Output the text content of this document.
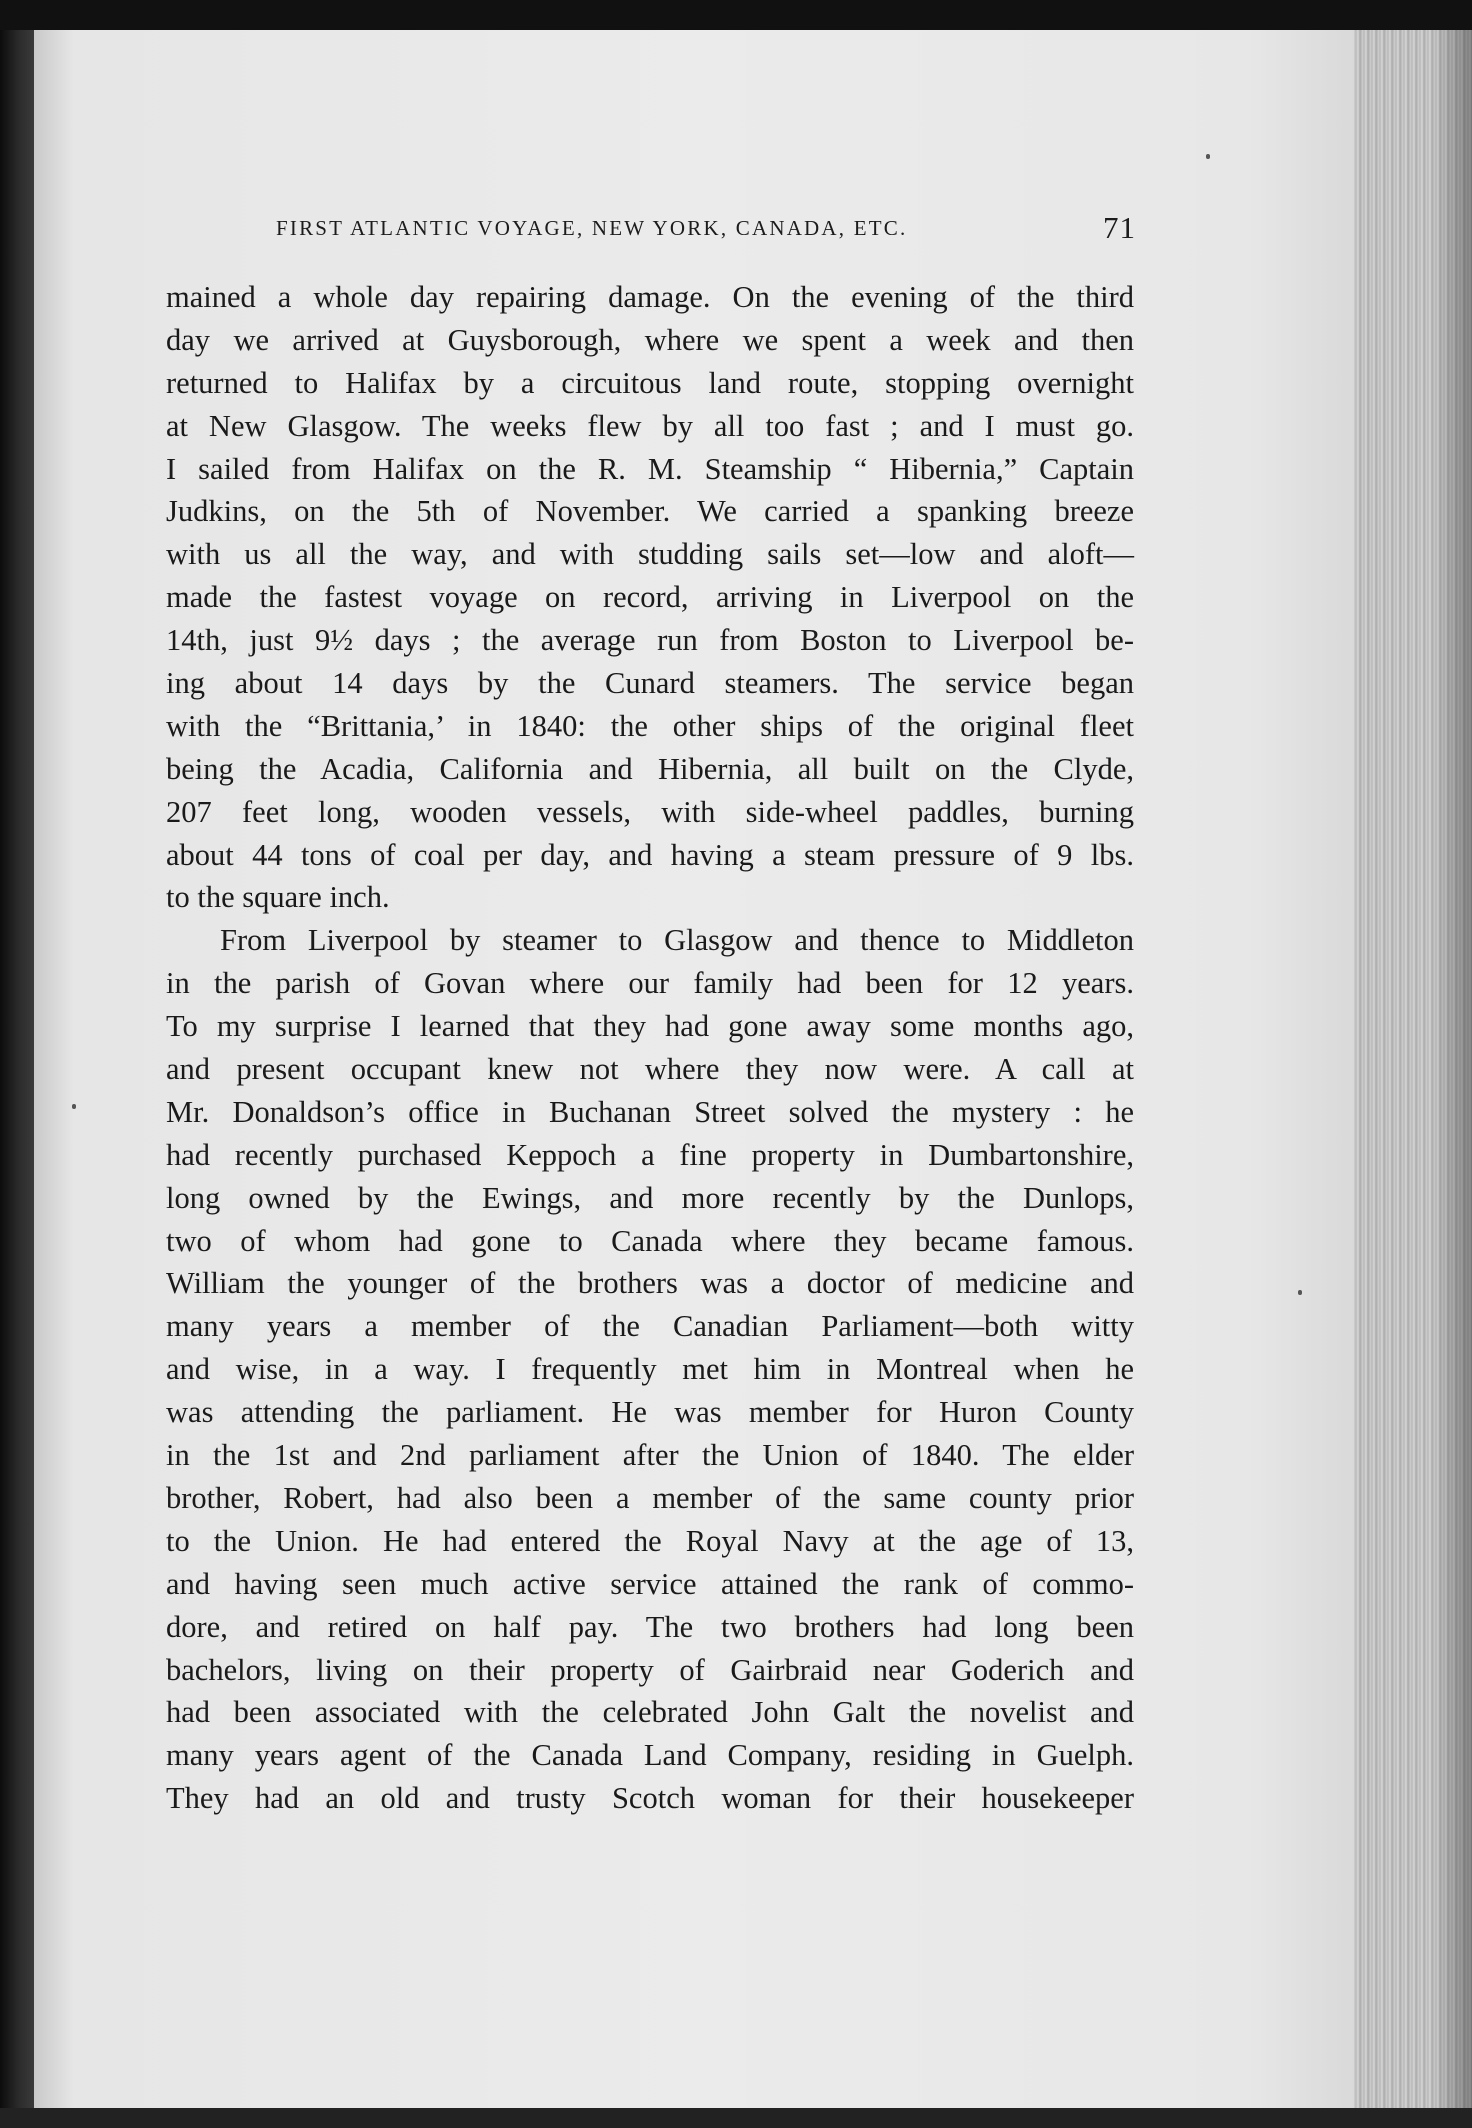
FIRST ATLANTIC VOYAGE, NEW YORK, CANADA, ETC.	71
mained a whole day repairing damage. On the evening of the third
day we arrived at Guysborough, where we spent a week and then
returned to Halifax by a circuitous land route, stopping overnight
at New Glasgow. The weeks flew by all too fast ; and I must go.
I sailed from Halifax on the R. M. Steamship “ Hibernia,” Captain
Judkins, on the 5th of November. We carried a spanking breeze
with us all the way, and with studding sails set—low and aloft—
made the fastest voyage on record, arriving in Liverpool on the
14th, just 9½ days ; the average run from Boston to Liverpool be-
ing about 14 days by the Cunard steamers. The service began
with the “Brittania,’ in 1840: the other ships of the original fleet
being the Acadia, California and Hibernia, all built on the Clyde,
207 feet long, wooden vessels, with side-wheel paddles, burning
about 44 tons of coal per day, and having a steam pressure of 9 lbs.
to the square inch.
From Liverpool by steamer to Glasgow and thence to Middleton
in the parish of Govan where our family had been for 12 years.
To my surprise I learned that they had gone away some months ago,
and present occupant knew not where they now were. A call at
Mr. Donaldson’s office in Buchanan Street solved the mystery : he
had recently purchased Keppoch a fine property in Dumbartonshire,
long owned by the Ewings, and more recently by the Dunlops,
two of whom had gone to Canada where they became famous.
William the younger of the brothers was a doctor of medicine and
many years a member of the Canadian Parliament—both witty
and wise, in a way. I frequently met him in Montreal when he
was attending the parliament. He was member for Huron County
in the 1st and 2nd parliament after the Union of 1840. The elder
brother, Robert, had also been a member of the same county prior
to the Union. He had entered the Royal Navy at the age of 13,
and having seen much active service attained the rank of commo-
dore, and retired on half pay. The two brothers had long been
bachelors, living on their property of Gairbraid near Goderich and
had been associated with the celebrated John Galt the novelist and
many years agent of the Canada Land Company, residing in Guelph.
They had an old and trusty Scotch woman for their housekeeper
